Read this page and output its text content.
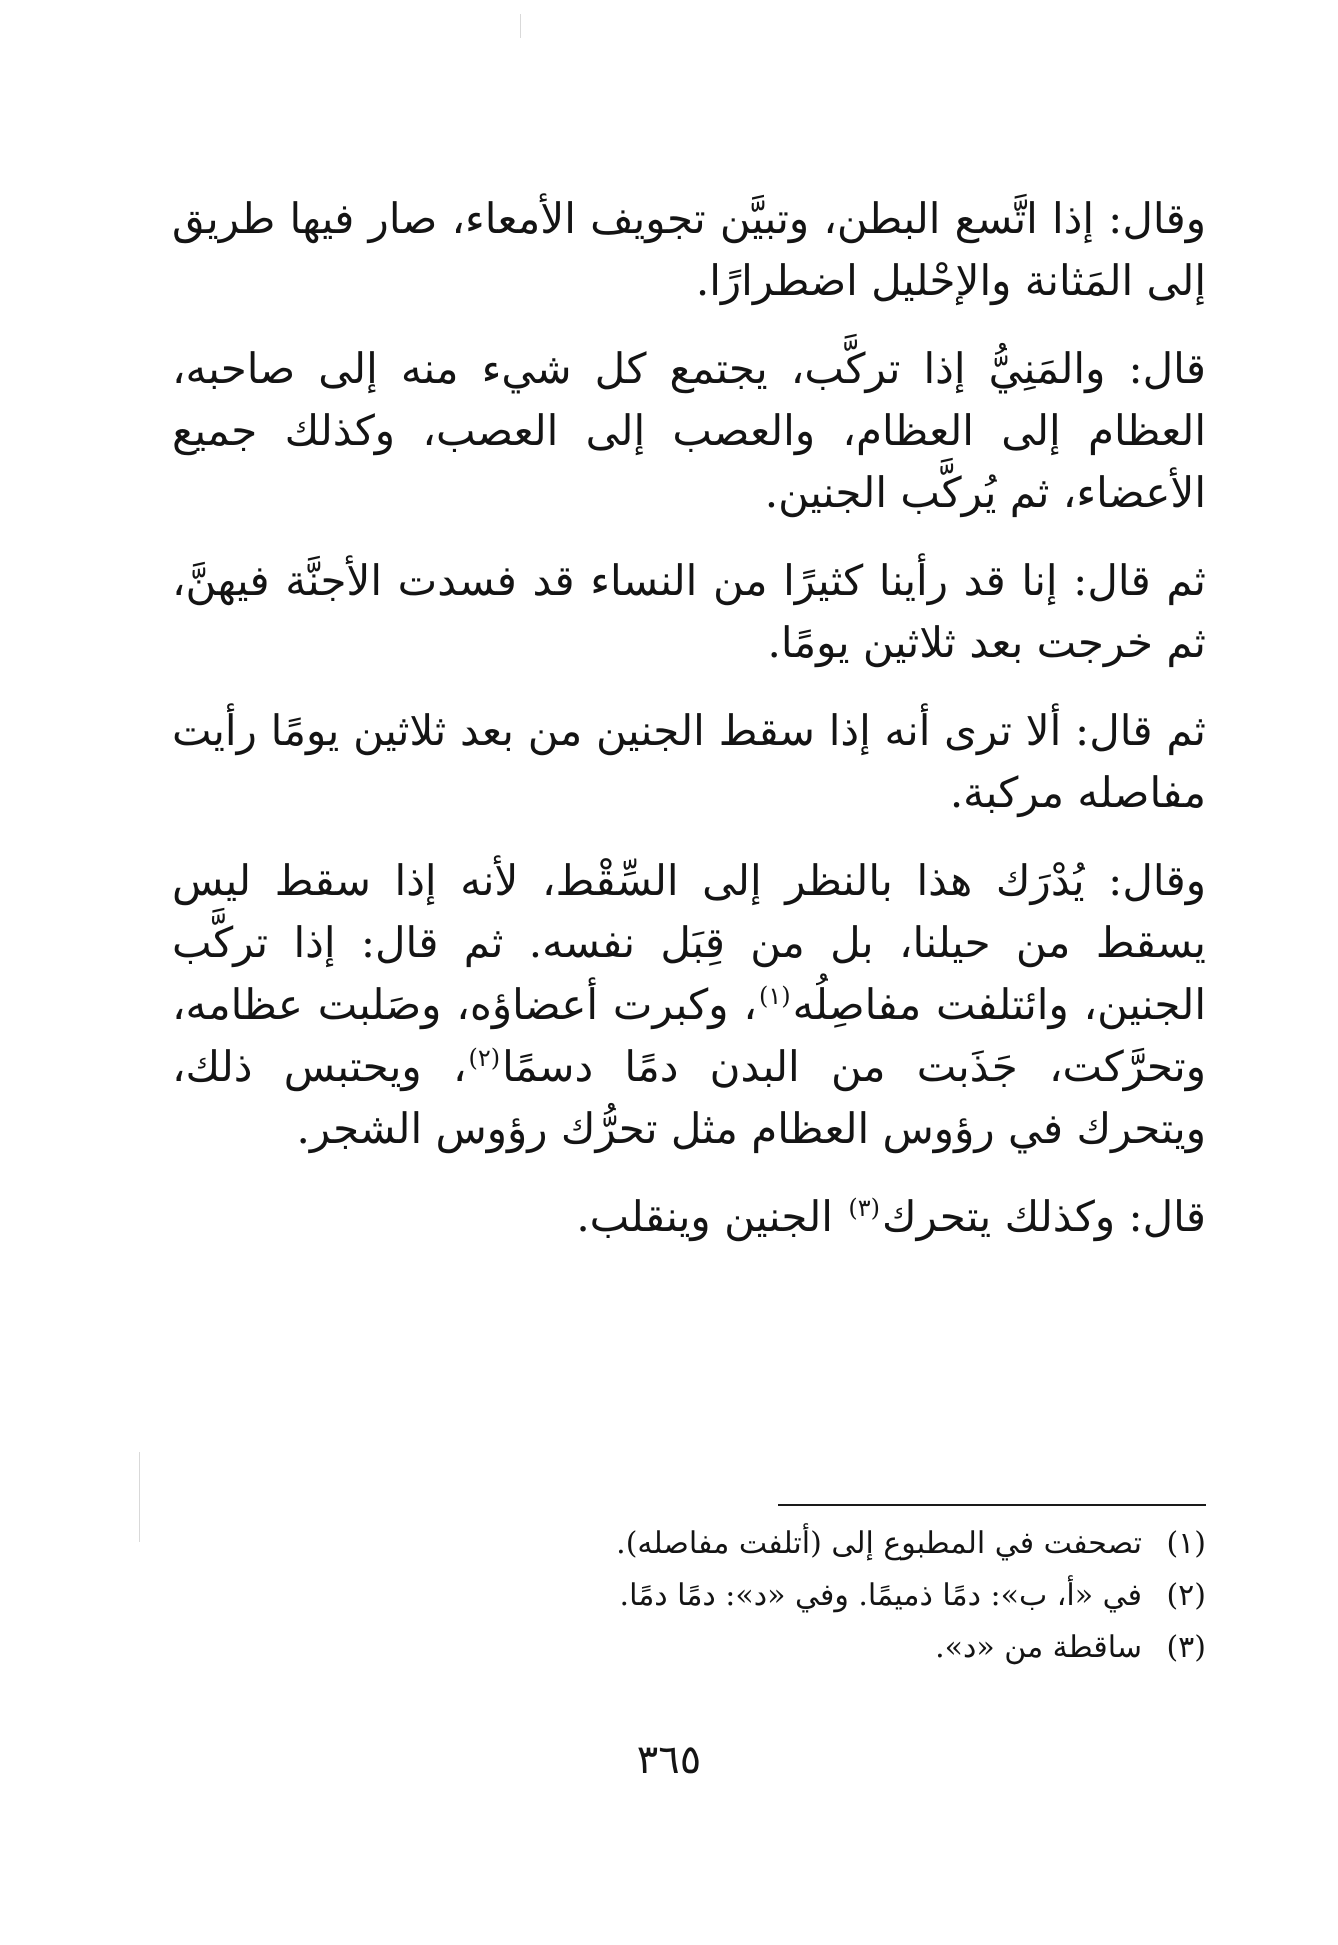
وقال: إذا اتَّسع البطن، وتبيَّن تجويف الأمعاء، صار فيها طريق إلى المَثانة والإحْليل اضطرارًا.

قال: والمَنِيُّ إذا تركَّب، يجتمع كل شيء منه إلى صاحبه، العظام إلى العظام، والعصب إلى العصب، وكذلك جميع الأعضاء، ثم يُركَّب الجنين.

ثم قال: إنا قد رأينا كثيرًا من النساء قد فسدت الأجنَّة فيهنَّ، ثم خرجت بعد ثلاثين يومًا.

ثم قال: ألا ترى أنه إذا سقط الجنين من بعد ثلاثين يومًا رأيت مفاصله مركبة.

وقال: يُدْرَك هذا بالنظر إلى السِّقْط، لأنه إذا سقط ليس يسقط من حيلنا، بل من قِبَل نفسه. ثم قال: إذا تركَّب الجنين، وائتلفت مفاصِلُه$^{(١)}$، وكبرت أعضاؤه، وصَلبت عظامه، وتحرَّكت، جَذَبت من البدن دمًا دسمًا$^{(٢)}$، ويحتبس ذلك، ويتحرك في رؤوس العظام مثل تحرُّك رؤوس الشجر.

قال: وكذلك يتحرك$^{(٣)}$ الجنين وينقلب.

(١)تصحفت في المطبوع إلى (أتلفت مفاصله).
(٢)في «أ، ب»: دمًا ذميمًا. وفي «د»: دمًا دمًا.
(٣)ساقطة من «د».
٣٦٥
